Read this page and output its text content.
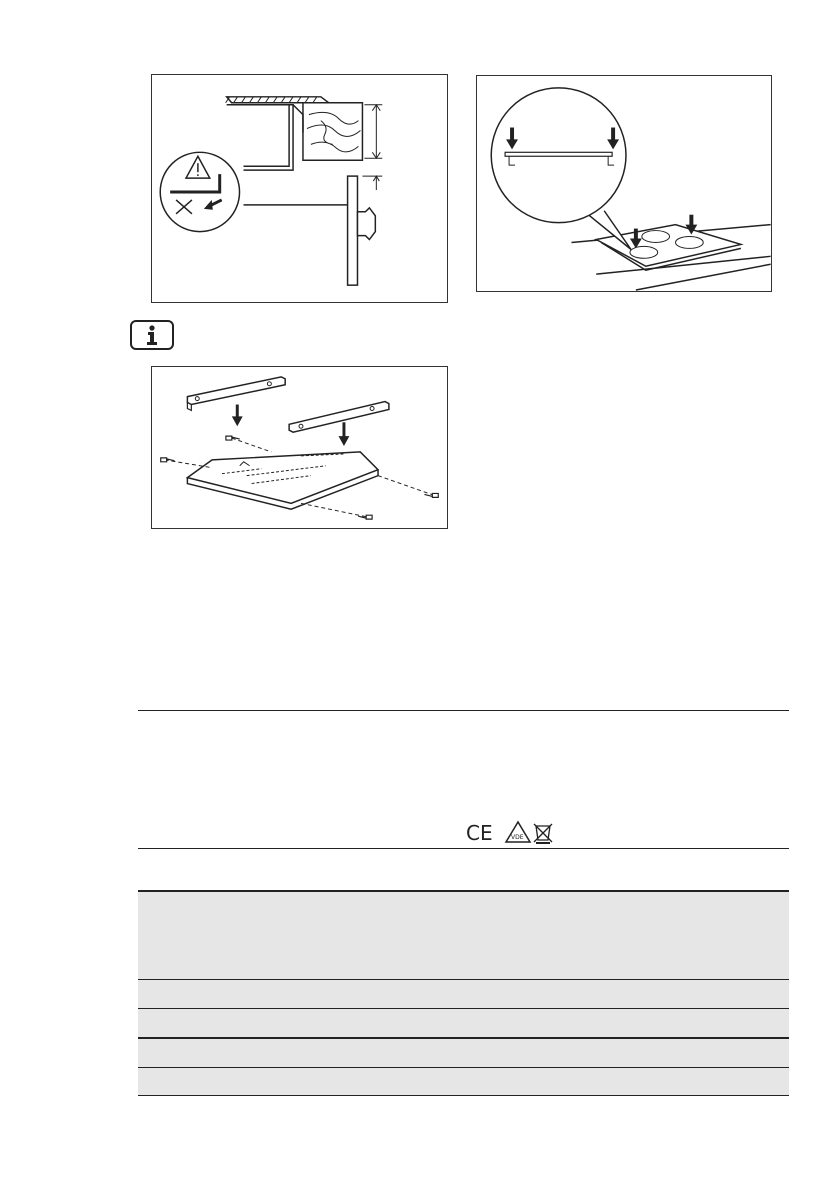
CE	VDE
